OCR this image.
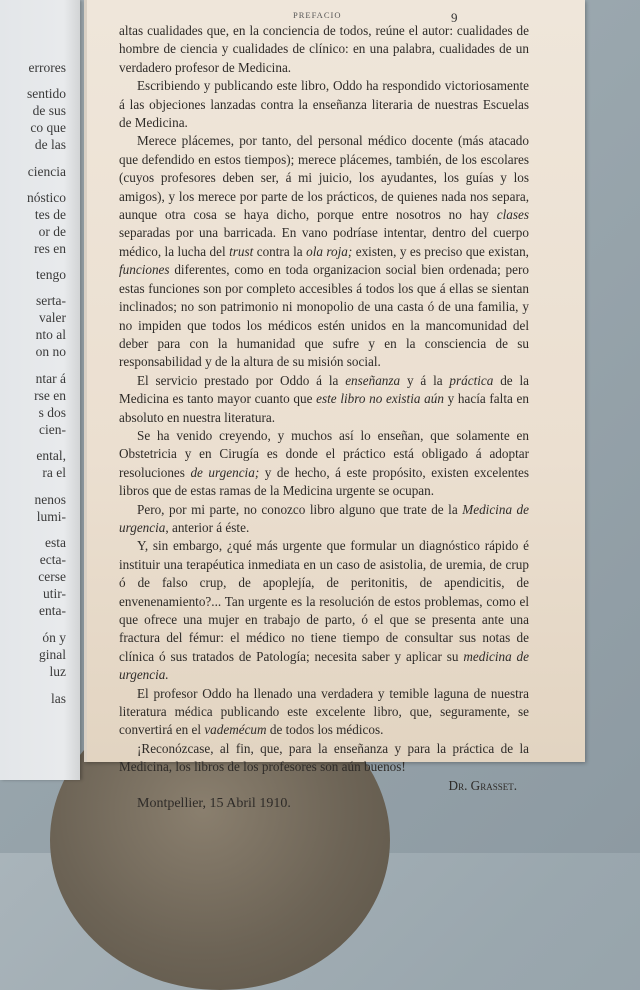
errores
sentido
de sus
co que
de las
ciencia
nóstico
tes de
or de
res en
tengo
serta-
valer
nto al
on no
ntar á
rse en
s dos
cien-
ental,
ra el
nenos
lumi-
esta
ecta-
cerse
utir-
enta-
ón y
ginal
luz
las
PREFACIO	9

altas cualidades que, en la conciencia de todos, reúne el autor: cualidades de hombre de ciencia y cualidades de clínico: en una palabra, cualidades de un verdadero profesor de Medicina.

Escribiendo y publicando este libro, Oddo ha respondido victoriosamente á las objeciones lanzadas contra la enseñanza literaria de nuestras Escuelas de Medicina.

Merece plácemes, por tanto, del personal médico docente (más atacado que defendido en estos tiempos); merece plácemes, también, de los escolares (cuyos profesores deben ser, á mi juicio, los ayudantes, los guías y los amigos), y los merece por parte de los prácticos, de quienes nada nos separa, aunque otra cosa se haya dicho, porque entre nosotros no hay clases separadas por una barricada. En vano podríase intentar, dentro del cuerpo médico, la lucha del trust contra la ola roja; existen, y es preciso que existan, funciones diferentes, como en toda organizacion social bien ordenada; pero estas funciones son por completo accesibles á todos los que á ellas se sientan inclinados; no son patrimonio ni monopolio de una casta ó de una familia, y no impiden que todos los médicos estén unidos en la mancomunidad del deber para con la humanidad que sufre y en la consciencia de su responsabilidad y de la altura de su misión social.

El servicio prestado por Oddo á la enseñanza y á la práctica de la Medicina es tanto mayor cuanto que este libro no existia aún y hacía falta en absoluto en nuestra literatura.

Se ha venido creyendo, y muchos así lo enseñan, que solamente en Obstetricia y en Cirugía es donde el práctico está obligado á adoptar resoluciones de urgencia; y de hecho, á este propósito, existen excelentes libros que de estas ramas de la Medicina urgente se ocupan.

Pero, por mi parte, no conozco libro alguno que trate de la Medicina de urgencia, anterior á éste.

Y, sin embargo, ¿qué más urgente que formular un diagnóstico rápido é instituir una terapéutica inmediata en un caso de asistolia, de uremia, de crup ó de falso crup, de apoplejía, de peritonitis, de apendicitis, de envenenamiento?... Tan urgente es la resolución de estos problemas, como el que ofrece una mujer en trabajo de parto, ó el que se presenta ante una fractura del fémur: el médico no tiene tiempo de consultar sus notas de clínica ó sus tratados de Patología; necesita saber y aplicar su medicina de urgencia.

El profesor Oddo ha llenado una verdadera y temible laguna de nuestra literatura médica publicando este excelente libro, que, seguramente, se convertirá en el vademécum de todos los médicos.

¡Reconózcase, al fin, que, para la enseñanza y para la práctica de la Medicina, los libros de los profesores son aún buenos!

Dr. Grasset.

Montpellier, 15 Abril 1910.
